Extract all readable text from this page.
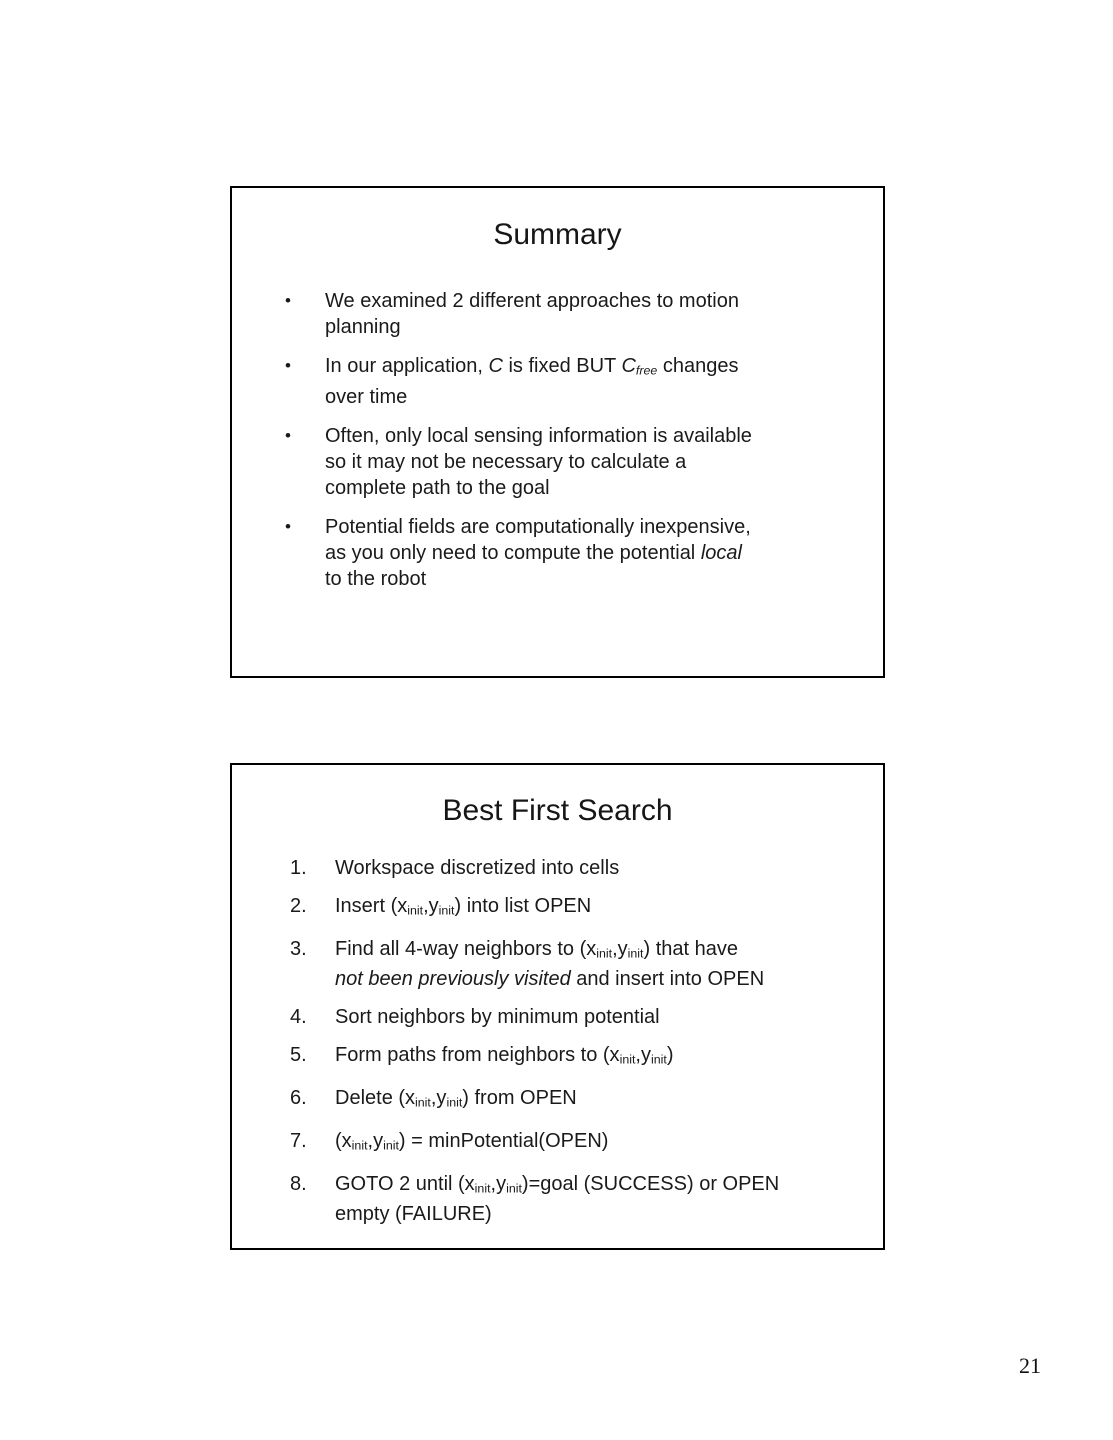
Summary
•	We examined 2 different approaches to motion
planning
•	In our application, C is fixed BUT $C_{free}$ changes
over time
•	Often, only local sensing information is available
so it may not be necessary to calculate a
complete path to the goal
•	Potential fields are computationally inexpensive,
as you only need to compute the potential local
to the robot
Best First Search
1.	Workspace discretized into cells
2.	Insert $(x_{init},y_{init})$ into list OPEN
3.	Find all 4-way neighbors to $(x_{init},y_{init})$ that have
not been previously visited and insert into OPEN
4.	Sort neighbors by minimum potential
5.	Form paths from neighbors to $(x_{init},y_{init})$
6.	Delete $(x_{init},y_{init})$ from OPEN
7.	$(x_{init},y_{init})$ = minPotential(OPEN)
8.	GOTO 2 until $(x_{init},y_{init})=goal$ (SUCCESS) or OPEN
empty (FAILURE)
21
